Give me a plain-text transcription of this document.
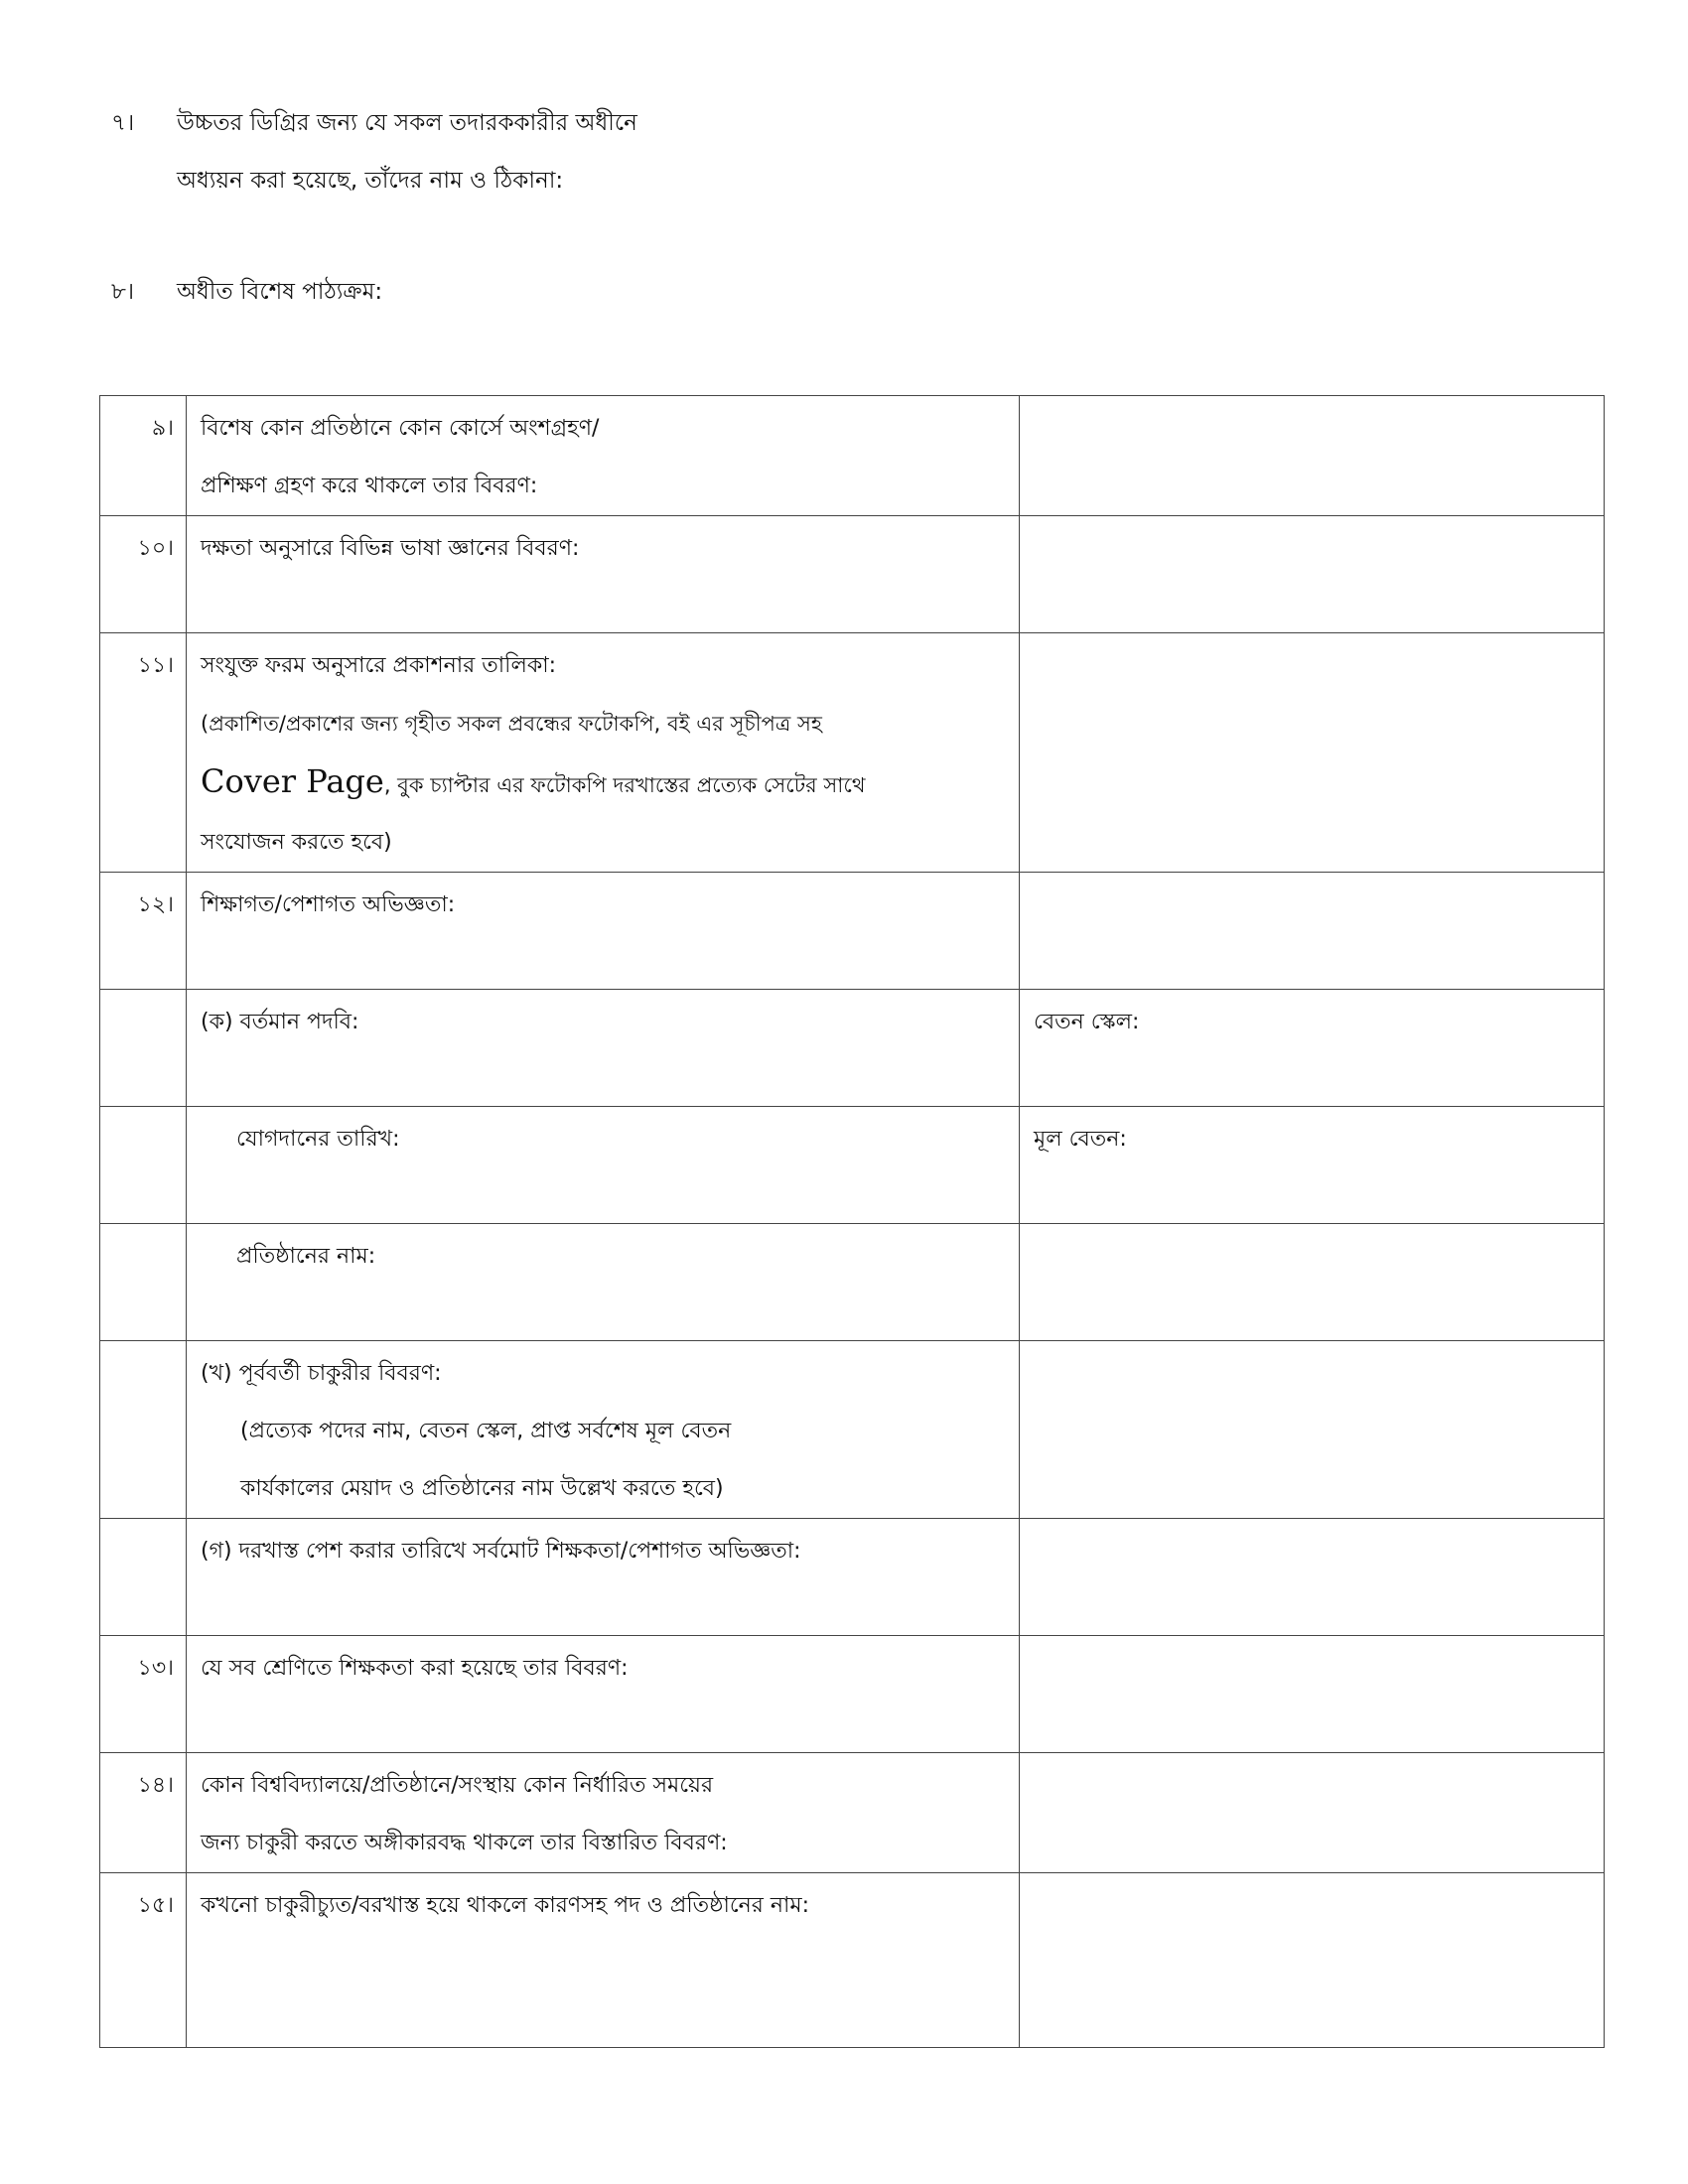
৭। উচ্চতর ডিগ্রির জন্য যে সকল তদারককারীর অধীনে
অধ্যয়ন করা হয়েছে, তাঁদের নাম ও ঠিকানা:
৮। অধীত বিশেষ পাঠ্যক্রম:
৯।	বিশেষ কোন প্রতিষ্ঠানে কোন কোর্সে অংশগ্রহণ/
প্রশিক্ষণ গ্রহণ করে থাকলে তার বিবরণ:	

১০।	দক্ষতা অনুসারে বিভিন্ন ভাষা জ্ঞানের বিবরণ:	

১১।	সংযুক্ত ফরম অনুসারে প্রকাশনার তালিকা:
(প্রকাশিত/প্রকাশের জন্য গৃহীত সকল প্রবন্ধের ফটোকপি, বই এর সূচীপত্র সহ
Cover Page, বুক চ্যাপ্টার এর ফটোকপি দরখাস্তের প্রত্যেক সেটের সাথে
সংযোজন করতে হবে)	

১২।	শিক্ষাগত/পেশাগত অভিজ্ঞতা:	

	(ক) বর্তমান পদবি:	বেতন স্কেল:

	যোগদানের তারিখ:	মূল বেতন:

	প্রতিষ্ঠানের নাম:	

	(খ) পূর্ববর্তী চাকুরীর বিবরণ:
(প্রত্যেক পদের নাম, বেতন স্কেল, প্রাপ্ত সর্বশেষ মূল বেতন
কার্যকালের মেয়াদ ও প্রতিষ্ঠানের নাম উল্লেখ করতে হবে)	

	(গ) দরখাস্ত পেশ করার তারিখে সর্বমোট শিক্ষকতা/পেশাগত অভিজ্ঞতা:	

১৩।	যে সব শ্রেণিতে শিক্ষকতা করা হয়েছে তার বিবরণ:	

১৪।	কোন বিশ্ববিদ্যালয়ে/প্রতিষ্ঠানে/সংস্থায় কোন নির্ধারিত সময়ের
জন্য চাকুরী করতে অঙ্গীকারবদ্ধ থাকলে তার বিস্তারিত বিবরণ:	

১৫।	কখনো চাকুরীচ্যুত/বরখাস্ত হয়ে থাকলে কারণসহ পদ ও প্রতিষ্ঠানের নাম:	
